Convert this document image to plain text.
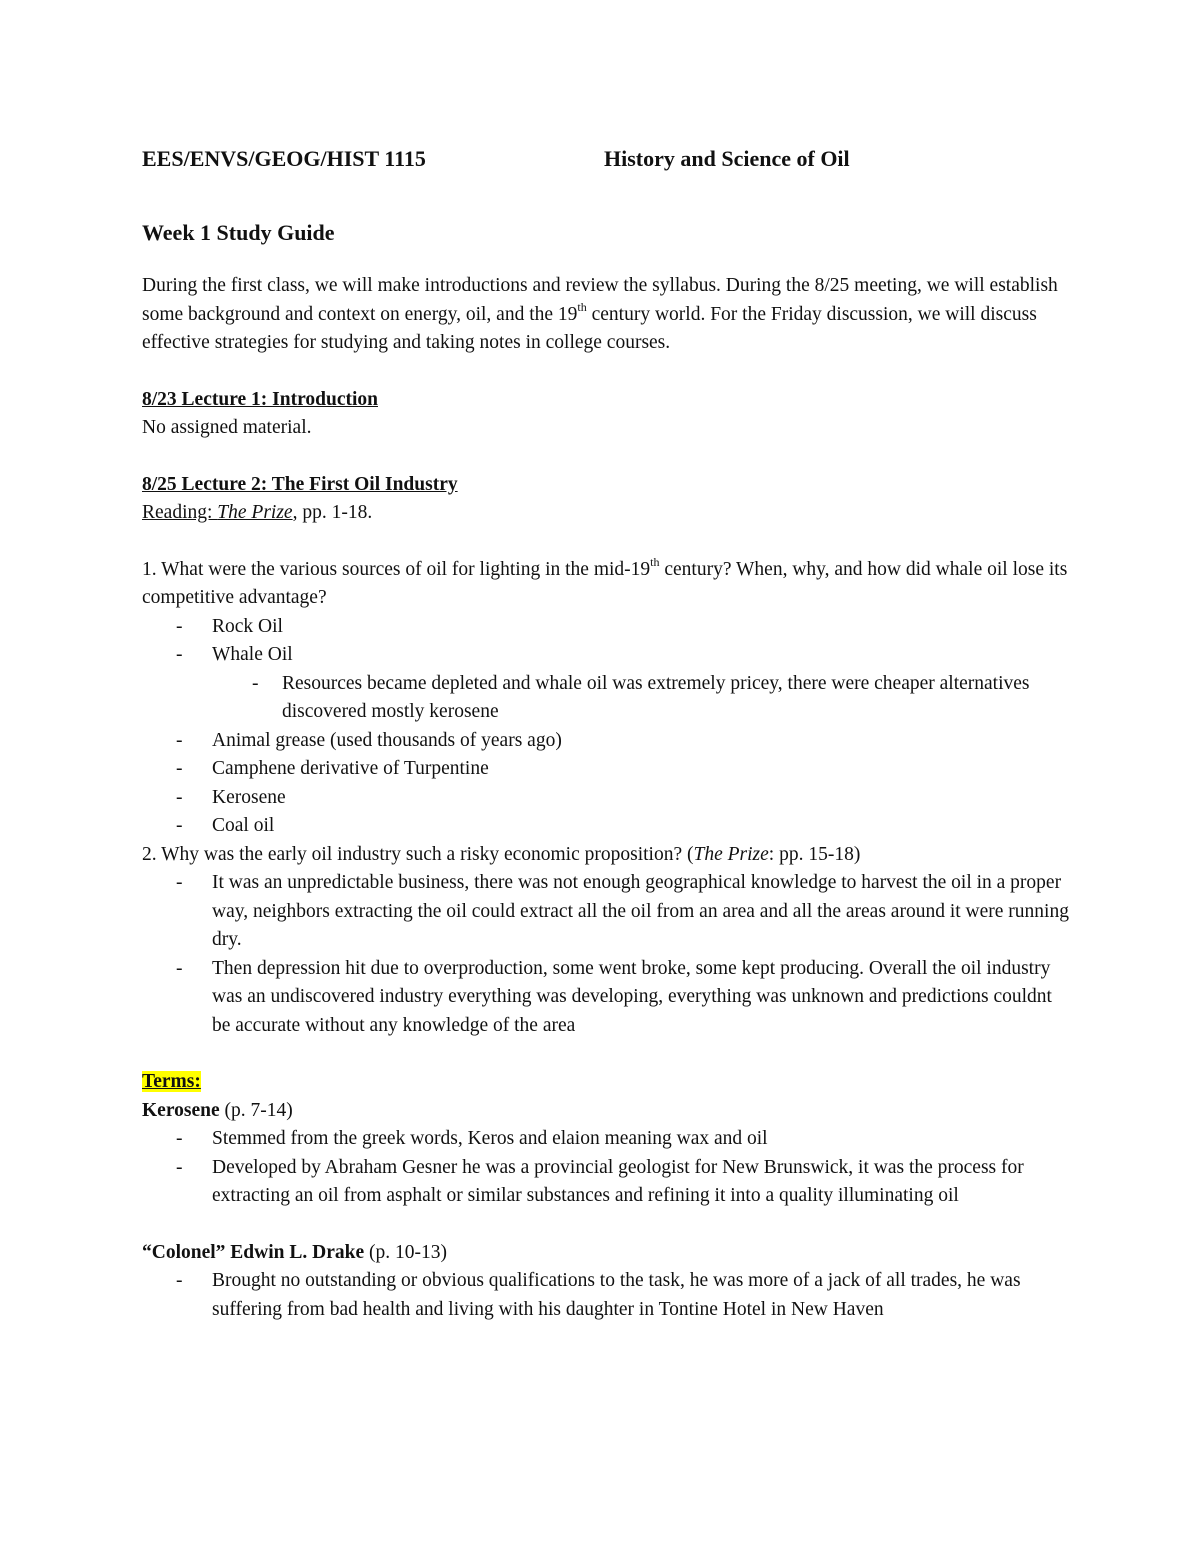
EES/ENVS/GEOG/HIST 1115	History and Science of Oil
Week 1 Study Guide

During the first class, we will make introductions and review the syllabus. During the 8/25 meeting, we will establish some background and context on energy, oil, and the 19th century world. For the Friday discussion, we will discuss effective strategies for studying and taking notes in college courses.

8/23 Lecture 1: Introduction

No assigned material.

8/25 Lecture 2: The First Oil Industry

Reading: The Prize, pp. 1-18.

1. What were the various sources of oil for lighting in the mid-19th century? When, why, and how did whale oil lose its competitive advantage?

- Rock Oil
- Whale Oil
- Resources became depleted and whale oil was extremely pricey, there were cheaper alternatives discovered mostly kerosene
- Animal grease (used thousands of years ago)
- Camphene derivative of Turpentine
- Kerosene
- Coal oil

2. Why was the early oil industry such a risky economic proposition? (The Prize: pp. 15-18)

- It was an unpredictable business, there was not enough geographical knowledge to harvest the oil in a proper way, neighbors extracting the oil could extract all the oil from an area and all the areas around it were running dry.
- Then depression hit due to overproduction, some went broke, some kept producing. Overall the oil industry was an undiscovered industry everything was developing, everything was unknown and predictions couldnt be accurate without any knowledge of the area

Terms:

Kerosene (p. 7-14)

- Stemmed from the greek words, Keros and elaion meaning wax and oil
- Developed by Abraham Gesner he was a provincial geologist for New Brunswick, it was the process for extracting an oil from asphalt or similar substances and refining it into a quality illuminating oil

“Colonel” Edwin L. Drake (p. 10-13)

- Brought no outstanding or obvious qualifications to the task, he was more of a jack of all trades, he was suffering from bad health and living with his daughter in Tontine Hotel in New Haven
